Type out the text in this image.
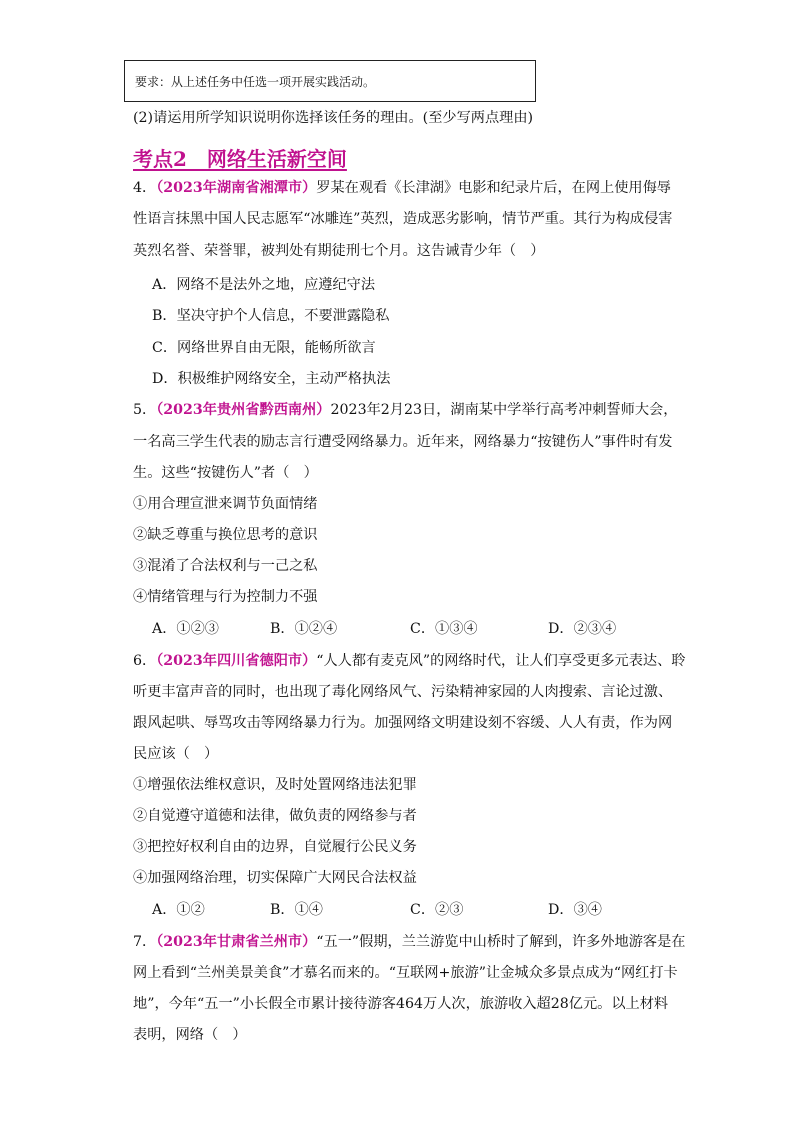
要求：从上述任务中任选一项开展实践活动。
(2)请运用所学知识说明你选择该任务的理由。(至少写两点理由)
考点2　网络生活新空间
4．（2023年湖南省湘潭市）罗某在观看《长津湖》电影和纪录片后，在网上使用侮辱
性语言抹黑中国人民志愿军“冰雕连”英烈，造成恶劣影响，情节严重。其行为构成侵害
英烈名誉、荣誉罪，被判处有期徒刑七个月。这告诫青少年（　）
A．网络不是法外之地，应遵纪守法
B．坚决守护个人信息，不要泄露隐私
C．网络世界自由无限，能畅所欲言
D．积极维护网络安全，主动严格执法
5．（2023年贵州省黔西南州）2023年2月23日，湖南某中学举行高考冲刺誓师大会，
一名高三学生代表的励志言行遭受网络暴力。近年来，网络暴力“按键伤人”事件时有发
生。这些“按键伤人”者（　）
①用合理宣泄来调节负面情绪
②缺乏尊重与换位思考的意识
③混淆了合法权利与一己之私
④情绪管理与行为控制力不强
A．①②③	B．①②④	C．①③④	D．②③④
6．（2023年四川省德阳市）“人人都有麦克风”的网络时代，让人们享受更多元表达、聆
听更丰富声音的同时，也出现了毒化网络风气、污染精神家园的人肉搜索、言论过激、
跟风起哄、辱骂攻击等网络暴力行为。加强网络文明建设刻不容缓、人人有责，作为网
民应该（　）
①增强依法维权意识，及时处置网络违法犯罪
②自觉遵守道德和法律，做负责的网络参与者
③把控好权利自由的边界，自觉履行公民义务
④加强网络治理，切实保障广大网民合法权益
A．①②	B．①④	C．②③	D．③④
7．（2023年甘肃省兰州市）“五一”假期，兰兰游览中山桥时了解到，许多外地游客是在
网上看到“兰州美景美食”才慕名而来的。“互联网+旅游”让金城众多景点成为“网红打卡
地”，今年“五一”小长假全市累计接待游客464万人次，旅游收入超28亿元。以上材料
表明，网络（　）
